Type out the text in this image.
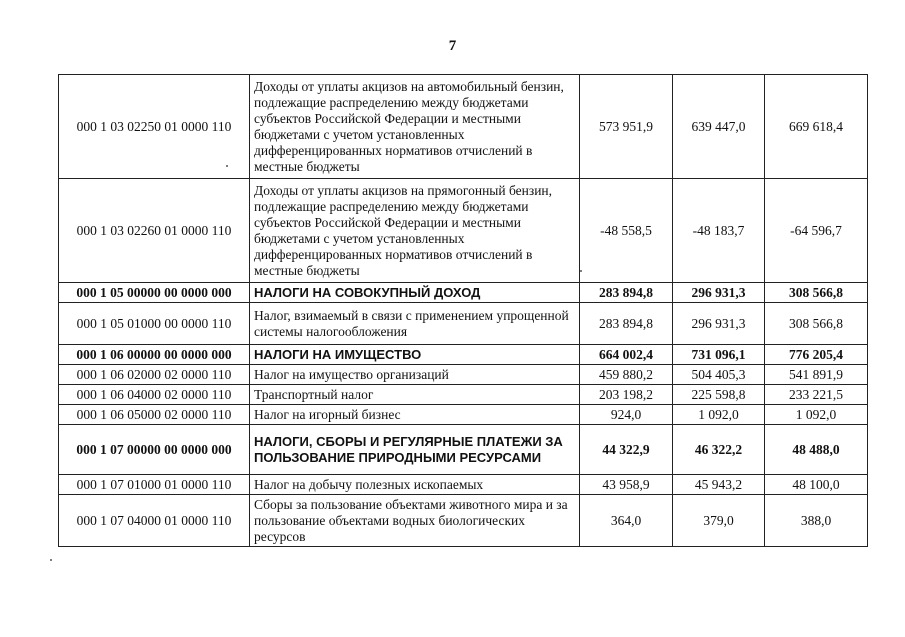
7
000 1 03 02250 01 0000 110	Доходы от уплаты акцизов на автомобильный бензин, подлежащие распределению между бюджетами субъектов Российской Федерации и местными бюджетами с учетом установленных дифференцированных нормативов отчислений в местные бюджеты	573 951,9	639 447,0	669 618,4
000 1 03 02260 01 0000 110	Доходы от уплаты акцизов на прямогонный бензин, подлежащие распределению между бюджетами субъектов Российской Федерации и местными бюджетами с учетом установленных дифференцированных нормативов отчислений в местные бюджеты	-48 558,5	-48 183,7	-64 596,7
000 1 05 00000 00 0000 000	НАЛОГИ НА СОВОКУПНЫЙ ДОХОД	283 894,8	296 931,3	308 566,8
000 1 05 01000 00 0000 110	Налог, взимаемый в связи с применением упрощенной системы налогообложения	283 894,8	296 931,3	308 566,8
000 1 06 00000 00 0000 000	НАЛОГИ НА ИМУЩЕСТВО	664 002,4	731 096,1	776 205,4
000 1 06 02000 02 0000 110	Налог на имущество организаций	459 880,2	504 405,3	541 891,9
000 1 06 04000 02 0000 110	Транспортный налог	203 198,2	225 598,8	233 221,5
000 1 06 05000 02 0000 110	Налог на игорный бизнес	924,0	1 092,0	1 092,0
000 1 07 00000 00 0000 000	НАЛОГИ, СБОРЫ И РЕГУЛЯРНЫЕ ПЛАТЕЖИ ЗА ПОЛЬЗОВАНИЕ ПРИРОДНЫМИ РЕСУРСАМИ	44 322,9	46 322,2	48 488,0
000 1 07 01000 01 0000 110	Налог на добычу полезных ископаемых	43 958,9	45 943,2	48 100,0
000 1 07 04000 01 0000 110	Сборы за пользование объектами животного мира и за пользование объектами водных биологических ресурсов	364,0	379,0	388,0
